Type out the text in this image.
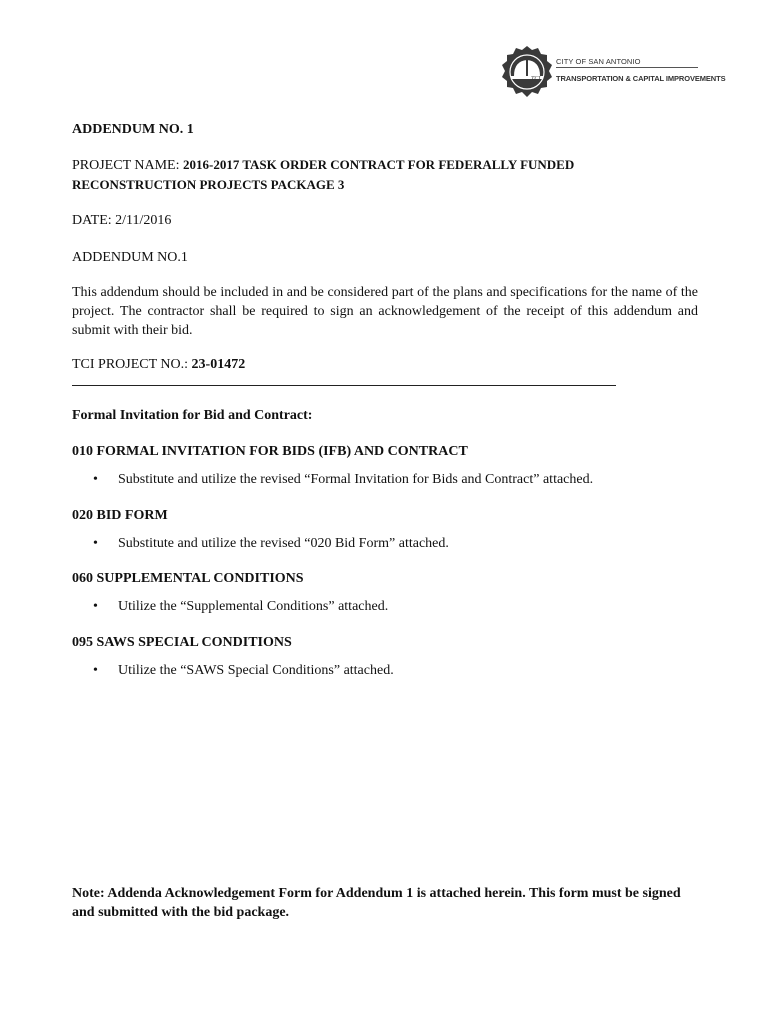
TCI
CITY OF SAN ANTONIO
TRANSPORTATION & CAPITAL IMPROVEMENTS
ADDENDUM NO. 1
PROJECT NAME: 2016-2017 TASK ORDER CONTRACT FOR FEDERALLY FUNDED
RECONSTRUCTION PROJECTS PACKAGE 3
DATE: 2/11/2016
ADDENDUM NO.1
This addendum should be included in and be considered part of the plans and specifications for the name of the project. The contractor shall be required to sign an acknowledgement of the receipt of this addendum and submit with their bid.
TCI PROJECT NO.: 23-01472
Formal Invitation for Bid and Contract:
010 FORMAL INVITATION FOR BIDS (IFB) AND CONTRACT
• Substitute and utilize the revised “Formal Invitation for Bids and Contract” attached.
020 BID FORM
• Substitute and utilize the revised “020 Bid Form” attached.
060 SUPPLEMENTAL CONDITIONS
• Utilize the “Supplemental Conditions” attached.
095 SAWS SPECIAL CONDITIONS
• Utilize the “SAWS Special Conditions” attached.
Note: Addenda Acknowledgement Form for Addendum 1 is attached herein. This form must be signed and submitted with the bid package.
